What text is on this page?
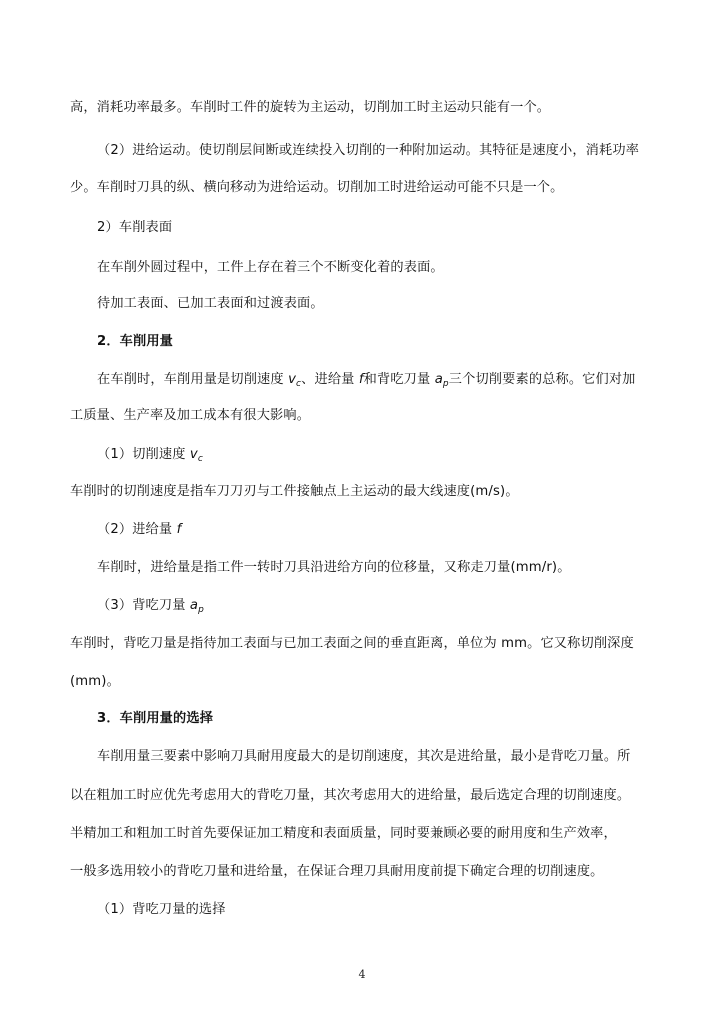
高，消耗功率最多。车削时工件的旋转为主运动，切削加工时主运动只能有一个。
（2）进给运动。使切削层间断或连续投入切削的一种附加运动。其特征是速度小，消耗功率
少。车削时刀具的纵、横向移动为进给运动。切削加工时进给运动可能不只是一个。
2）车削表面
在车削外圆过程中，工件上存在着三个不断变化着的表面。
待加工表面、已加工表面和过渡表面。
2．车削用量
在车削时，车削用量是切削速度 $v_c$、进给量 f和背吃刀量 $a_p$三个切削要素的总称。它们对加
工质量、生产率及加工成本有很大影响。
（1）切削速度 $v_c$
车削时的切削速度是指车刀刀刃与工件接触点上主运动的最大线速度(m/s)。
（2）进给量 f
车削时，进给量是指工件一转时刀具沿进给方向的位移量，又称走刀量(mm/r)。
（3）背吃刀量 $a_p$
车削时，背吃刀量是指待加工表面与已加工表面之间的垂直距离，单位为 mm。它又称切削深度
(mm)。
3．车削用量的选择
车削用量三要素中影响刀具耐用度最大的是切削速度，其次是进给量，最小是背吃刀量。所
以在粗加工时应优先考虑用大的背吃刀量，其次考虑用大的进给量，最后选定合理的切削速度。
半精加工和粗加工时首先要保证加工精度和表面质量，同时要兼顾必要的耐用度和生产效率，
一般多选用较小的背吃刀量和进给量，在保证合理刀具耐用度前提下确定合理的切削速度。
（1）背吃刀量的选择
4
